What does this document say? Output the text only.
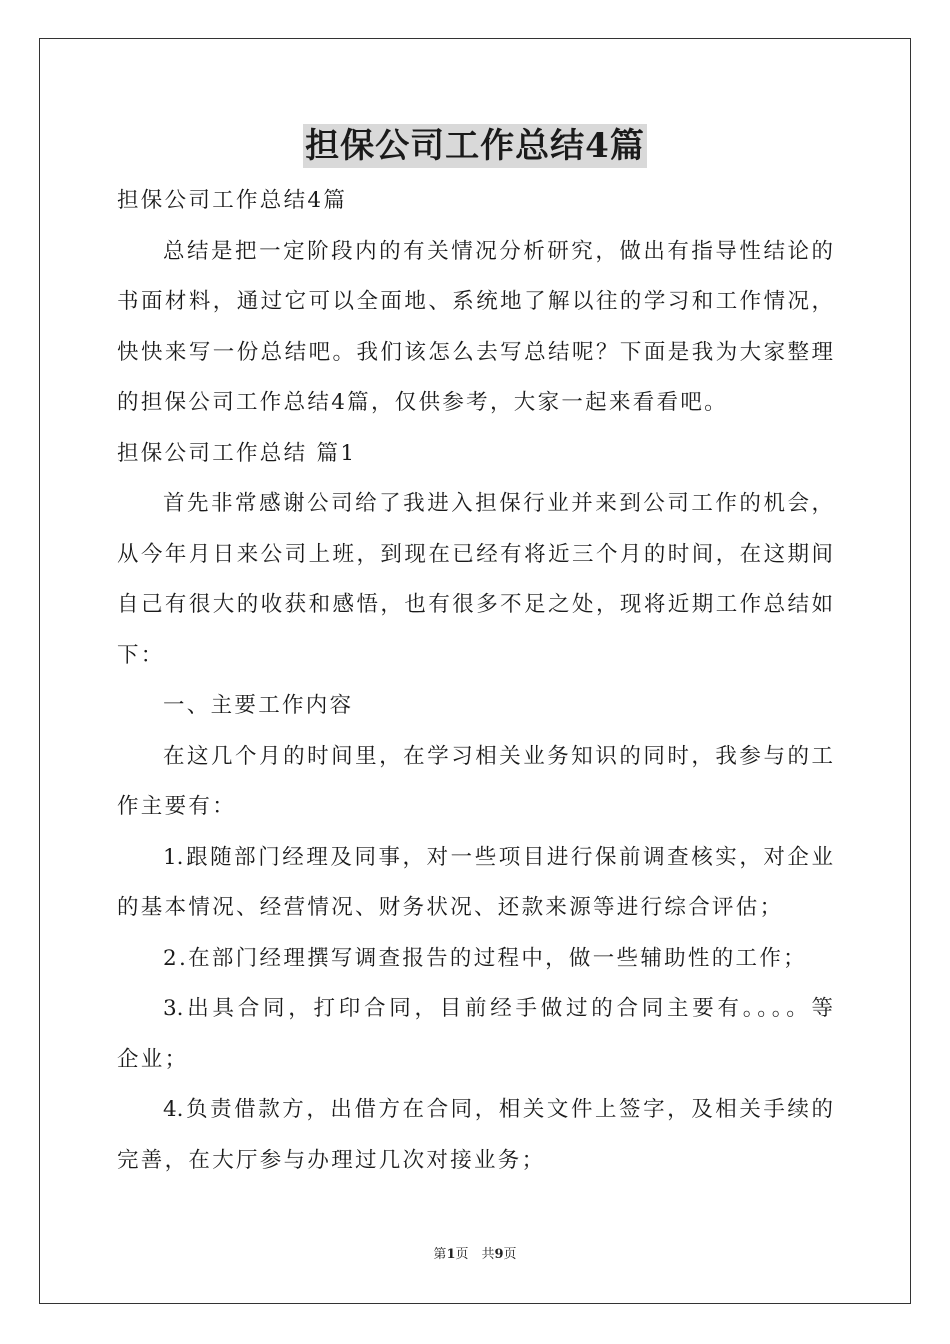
担保公司工作总结4篇
担保公司工作总结4篇
总结是把一定阶段内的有关情况分析研究，做出有指导性结论的
书面材料，通过它可以全面地、系统地了解以往的学习和工作情况，
快快来写一份总结吧。我们该怎么去写总结呢？下面是我为大家整理
的担保公司工作总结4篇，仅供参考，大家一起来看看吧。
担保公司工作总结 篇1
首先非常感谢公司给了我进入担保行业并来到公司工作的机会，
从今年月日来公司上班，到现在已经有将近三个月的时间，在这期间
自己有很大的收获和感悟，也有很多不足之处，现将近期工作总结如
下：
一、主要工作内容
在这几个月的时间里，在学习相关业务知识的同时，我参与的工
作主要有：
1.跟随部门经理及同事，对一些项目进行保前调查核实，对企业
的基本情况、经营情况、财务状况、还款来源等进行综合评估；
2.在部门经理撰写调查报告的过程中，做一些辅助性的工作；
3.出具合同，打印合同，目前经手做过的合同主要有。。。。等
企业；
4.负责借款方，出借方在合同，相关文件上签字，及相关手续的
完善，在大厅参与办理过几次对接业务；
第1页　共9页
